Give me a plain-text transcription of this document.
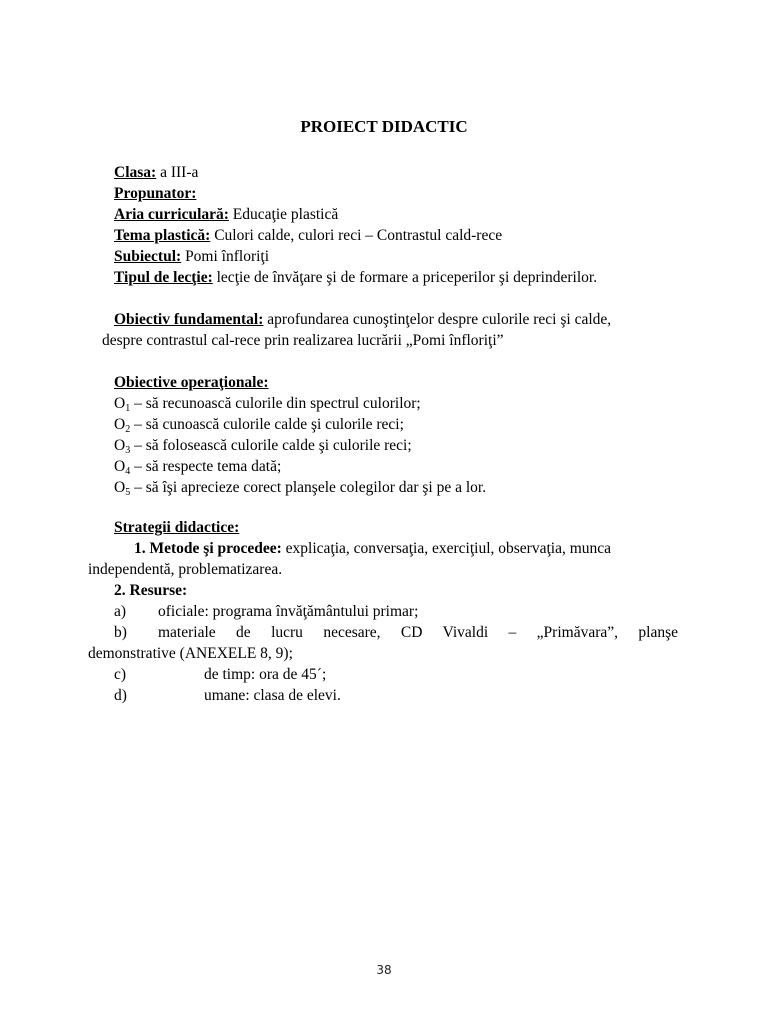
PROIECT DIDACTIC
Clasa: a III-a
Propunator:
Aria curriculară: Educaţie plastică
Tema plastică: Culori calde, culori reci – Contrastul cald-rece
Subiectul: Pomi înfloriţi
Tipul de lecţie: lecţie de învăţare şi de formare a priceperilor şi deprinderilor.
Obiectiv fundamental: aprofundarea cunoştinţelor despre culorile reci şi calde,
despre contrastul cal-rece prin realizarea lucrării „Pomi înfloriţi”
Obiective operaţionale:
$O_1$ – să recunoască culorile din spectrul culorilor;
$O_2$ – să cunoască culorile calde şi culorile reci;
$O_3$ – să folosească culorile calde şi culorile reci;
$O_4$ – să respecte tema dată;
$O_5$ – să îşi aprecieze corect planşele colegilor dar şi pe a lor.
Strategii didactice:
1. Metode şi procedee: explicaţia, conversaţia, exerciţiul, observaţia, munca
independentă, problematizarea.
2. Resurse:
a) oficiale: programa învăţământului primar;
b) materiale de lucru necesare, CD Vivaldi – „Primăvara”, planşe
demonstrative (ANEXELE 8, 9);
c)	de timp: ora de 45´;
d)	umane: clasa de elevi.
38
